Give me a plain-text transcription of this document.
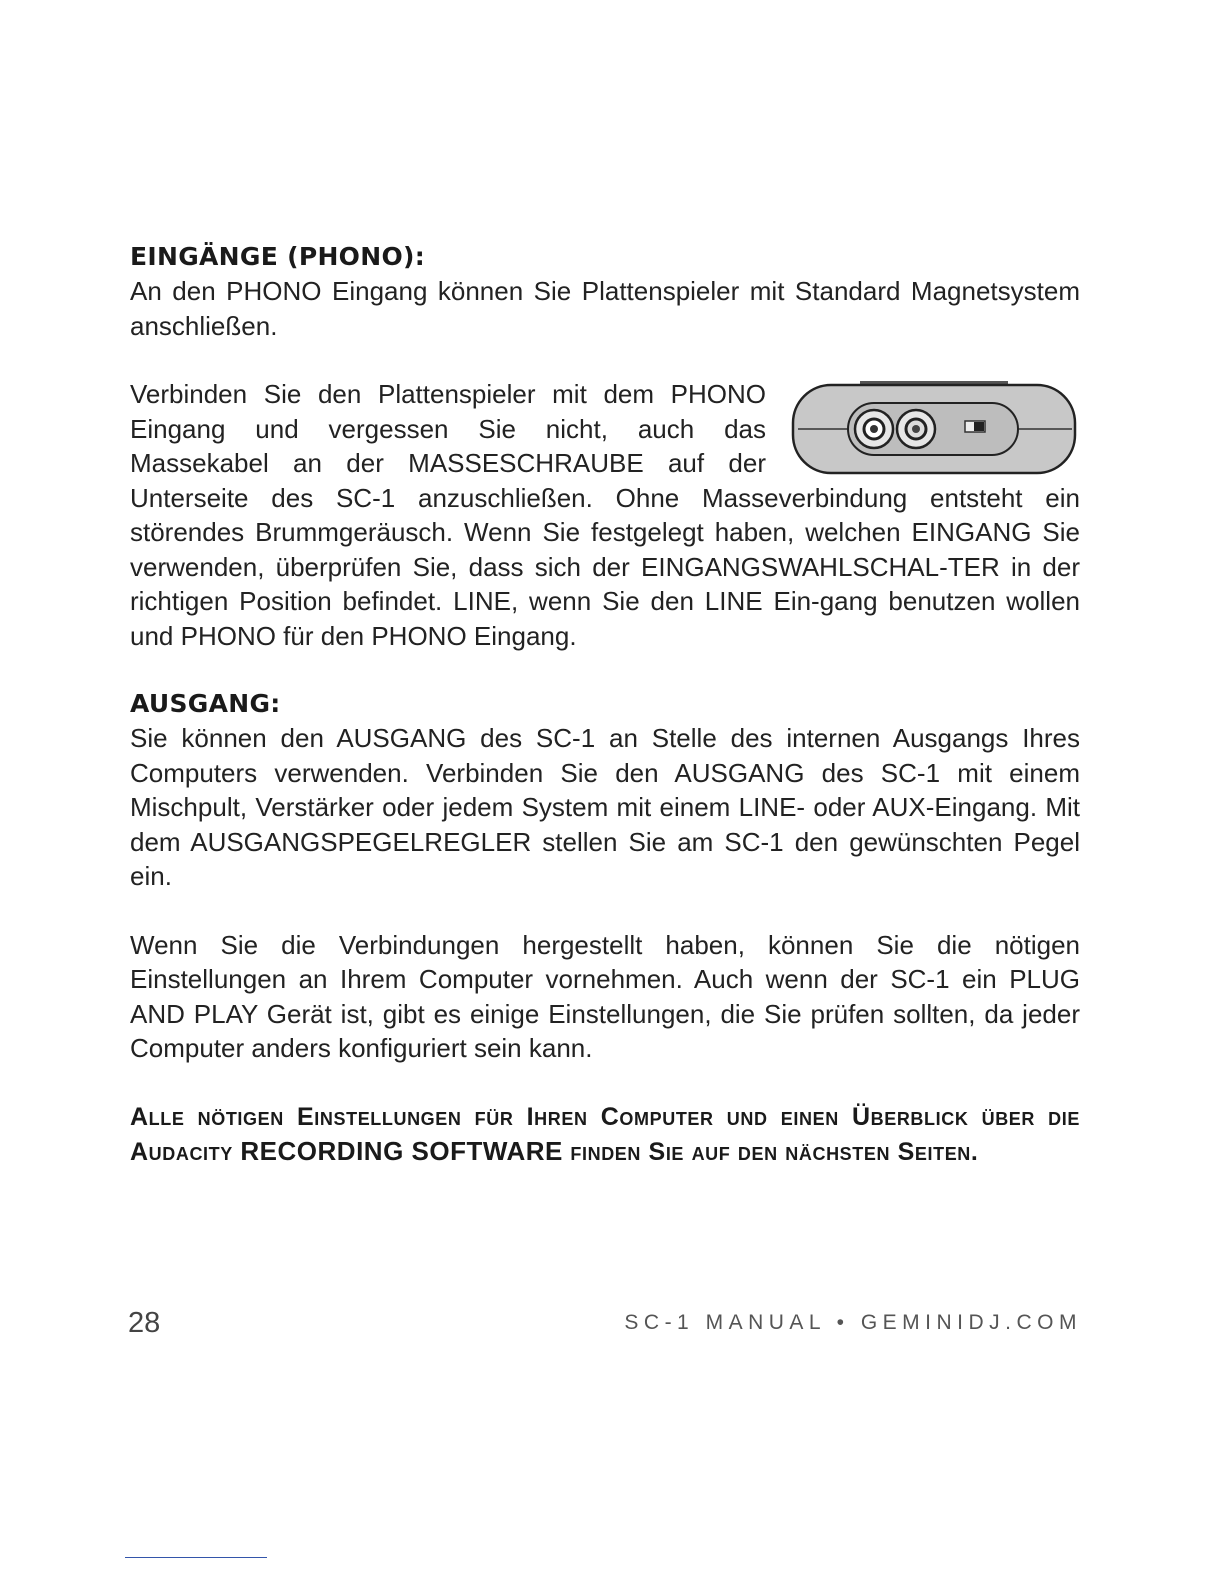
EINGÄNGE (PHONO):

An den PHONO Eingang können Sie Plattenspieler mit Standard Magnetsystem anschließen.

Verbinden Sie den Plattenspieler mit dem PHONO Eingang und vergessen Sie nicht, auch das Massekabel an der MASSESCHRAUBE auf der Unterseite des SC-1 anzuschließen. Ohne Masseverbindung entsteht ein störendes Brummgeräusch. Wenn Sie festgelegt haben, welchen EINGANG Sie verwenden, überprüfen Sie, dass sich der EINGANGSWAHLSCHAL-TER in der richtigen Position befindet. LINE, wenn Sie den LINE Ein-gang benutzen wollen und PHONO für den PHONO Eingang.

AUSGANG:

Sie können den AUSGANG des SC-1 an Stelle des internen Ausgangs Ihres Computers verwenden. Verbinden Sie den AUSGANG des SC-1 mit einem Mischpult, Verstärker oder jedem System mit einem LINE- oder AUX-Eingang. Mit dem AUSGANGSPEGELREGLER stellen Sie am SC-1 den gewünschten Pegel ein.

Wenn Sie die Verbindungen hergestellt haben, können Sie die nötigen Einstellungen an Ihrem Computer vornehmen. Auch wenn der SC-1 ein PLUG AND PLAY Gerät ist, gibt es einige Einstellungen, die Sie prüfen sollten, da jeder Computer anders konfiguriert sein kann.

Alle nötigen Einstellungen für Ihren Computer und einen Überblick über die Audacity RECORDING SOFTWARE finden Sie auf den nächsten Seiten.

28	SC-1 MANUAL • GEMINIDJ.COM
